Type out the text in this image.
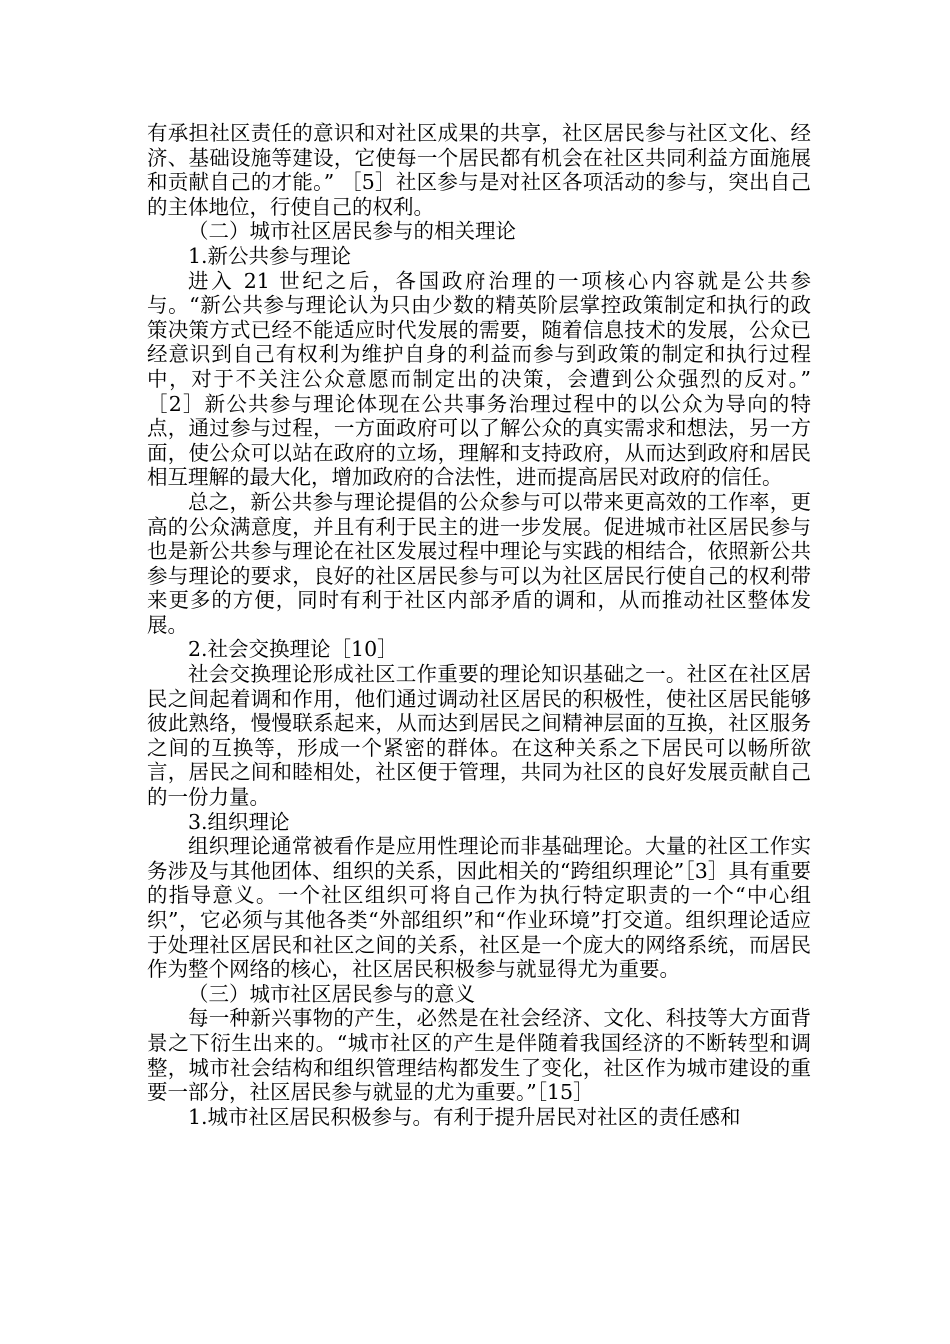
有承担社区责任的意识和对社区成果的共享，社区居民参与社区文化、经济、基础设施等建设，它使每一个居民都有机会在社区共同利益方面施展和贡献自己的才能。” ［5］社区参与是对社区各项活动的参与，突出自己的主体地位，行使自己的权利。

（二）城市社区居民参与的相关理论

1.新公共参与理论

进入 21 世纪之后，各国政府治理的一项核心内容就是公共参与。“新公共参与理论认为只由少数的精英阶层掌控政策制定和执行的政策决策方式已经不能适应时代发展的需要，随着信息技术的发展，公众已经意识到自己有权利为维护自身的利益而参与到政策的制定和执行过程中，对于不关注公众意愿而制定出的决策，会遭到公众强烈的反对。” ［2］新公共参与理论体现在公共事务治理过程中的以公众为导向的特点，通过参与过程，一方面政府可以了解公众的真实需求和想法，另一方面，使公众可以站在政府的立场，理解和支持政府，从而达到政府和居民相互理解的最大化，增加政府的合法性，进而提高居民对政府的信任。

总之，新公共参与理论提倡的公众参与可以带来更高效的工作率，更高的公众满意度，并且有利于民主的进一步发展。促进城市社区居民参与也是新公共参与理论在社区发展过程中理论与实践的相结合，依照新公共参与理论的要求，良好的社区居民参与可以为社区居民行使自己的权利带来更多的方便，同时有利于社区内部矛盾的调和，从而推动社区整体发展。

2.社会交换理论［10］

社会交换理论形成社区工作重要的理论知识基础之一。社区在社区居民之间起着调和作用，他们通过调动社区居民的积极性，使社区居民能够彼此熟络，慢慢联系起来，从而达到居民之间精神层面的互换，社区服务之间的互换等，形成一个紧密的群体。在这种关系之下居民可以畅所欲言，居民之间和睦相处，社区便于管理，共同为社区的良好发展贡献自己的一份力量。

3.组织理论

组织理论通常被看作是应用性理论而非基础理论。大量的社区工作实务涉及与其他团体、组织的关系，因此相关的“跨组织理论”［3］具有重要的指导意义。一个社区组织可将自己作为执行特定职责的一个“中心组织”，它必须与其他各类“外部组织”和“作业环境”打交道。组织理论适应于处理社区居民和社区之间的关系，社区是一个庞大的网络系统，而居民作为整个网络的核心，社区居民积极参与就显得尤为重要。

（三）城市社区居民参与的意义

每一种新兴事物的产生，必然是在社会经济、文化、科技等大方面背景之下衍生出来的。“城市社区的产生是伴随着我国经济的不断转型和调整，城市社会结构和组织管理结构都发生了变化，社区作为城市建设的重要一部分，社区居民参与就显的尤为重要。”［15］

1.城市社区居民积极参与。有利于提升居民对社区的责任感和
